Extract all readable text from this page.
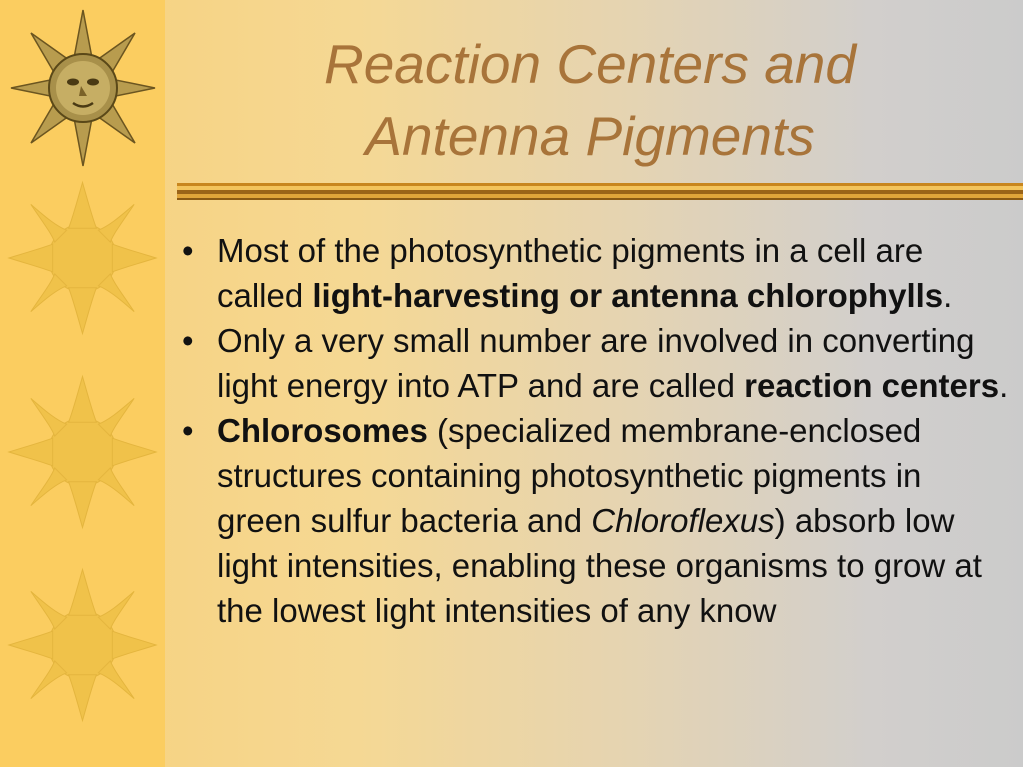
Reaction Centers and
Antenna Pigments
• Most of the photosynthetic pigments in a cell are called light-harvesting or antenna chlorophylls.
• Only a very small number are involved in converting light energy into ATP and are called reaction centers.
• Chlorosomes (specialized membrane-enclosed structures containing photosynthetic pigments in green sulfur bacteria and Chloroflexus) absorb low light intensities, enabling these organisms to grow at the lowest light intensities of any know
